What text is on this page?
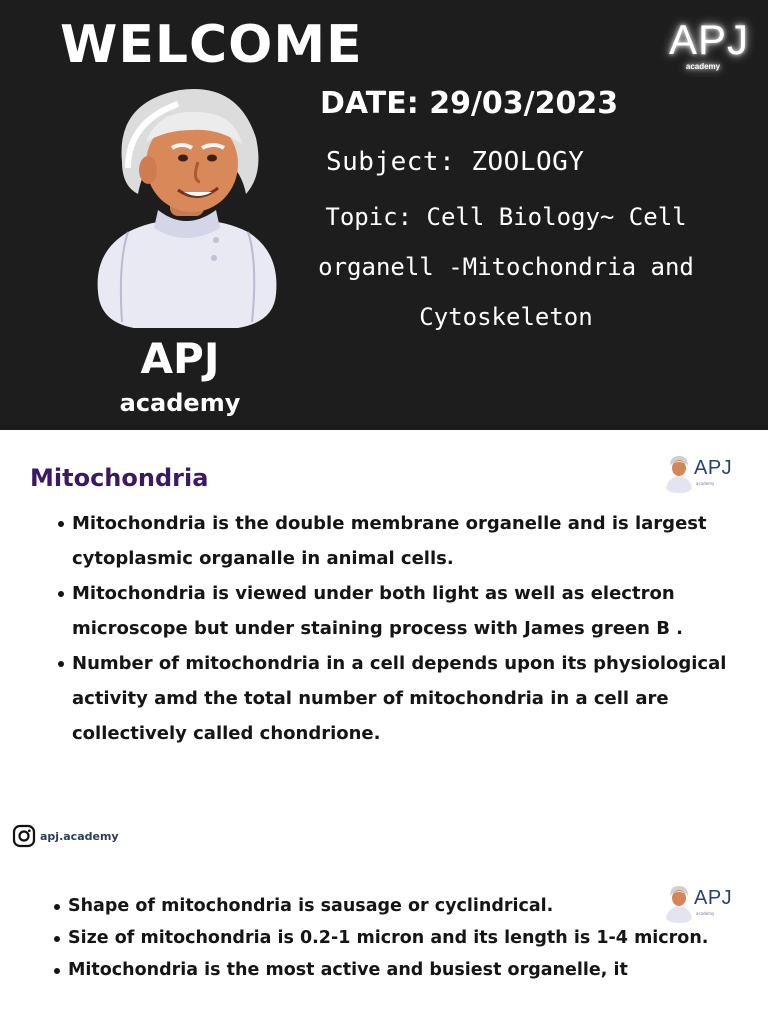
WELCOME	APJ
academy
DATE: 29/03/2023
Subject: ZOOLOGY
Topic: Cell Biology~ Cell
organell -Mitochondria and
Cytoskeleton
APJ
academy
Mitochondria	APJ
academy
Mitochondria is the double membrane organelle and is largest cytoplasmic organalle in animal cells.
Mitochondria is viewed under both light as well as electron microscope but under staining process with James green B .
Number of mitochondria in a cell depends upon its physiological activity amd the total number of mitochondria in a cell are collectively called chondrione.
apj.academy
APJ
academy
Shape of mitochondria is sausage or cyclindrical.
Size of mitochondria is 0.2-1 micron and its length is 1-4 micron.
Mitochondria is the most active and busiest organelle, it
